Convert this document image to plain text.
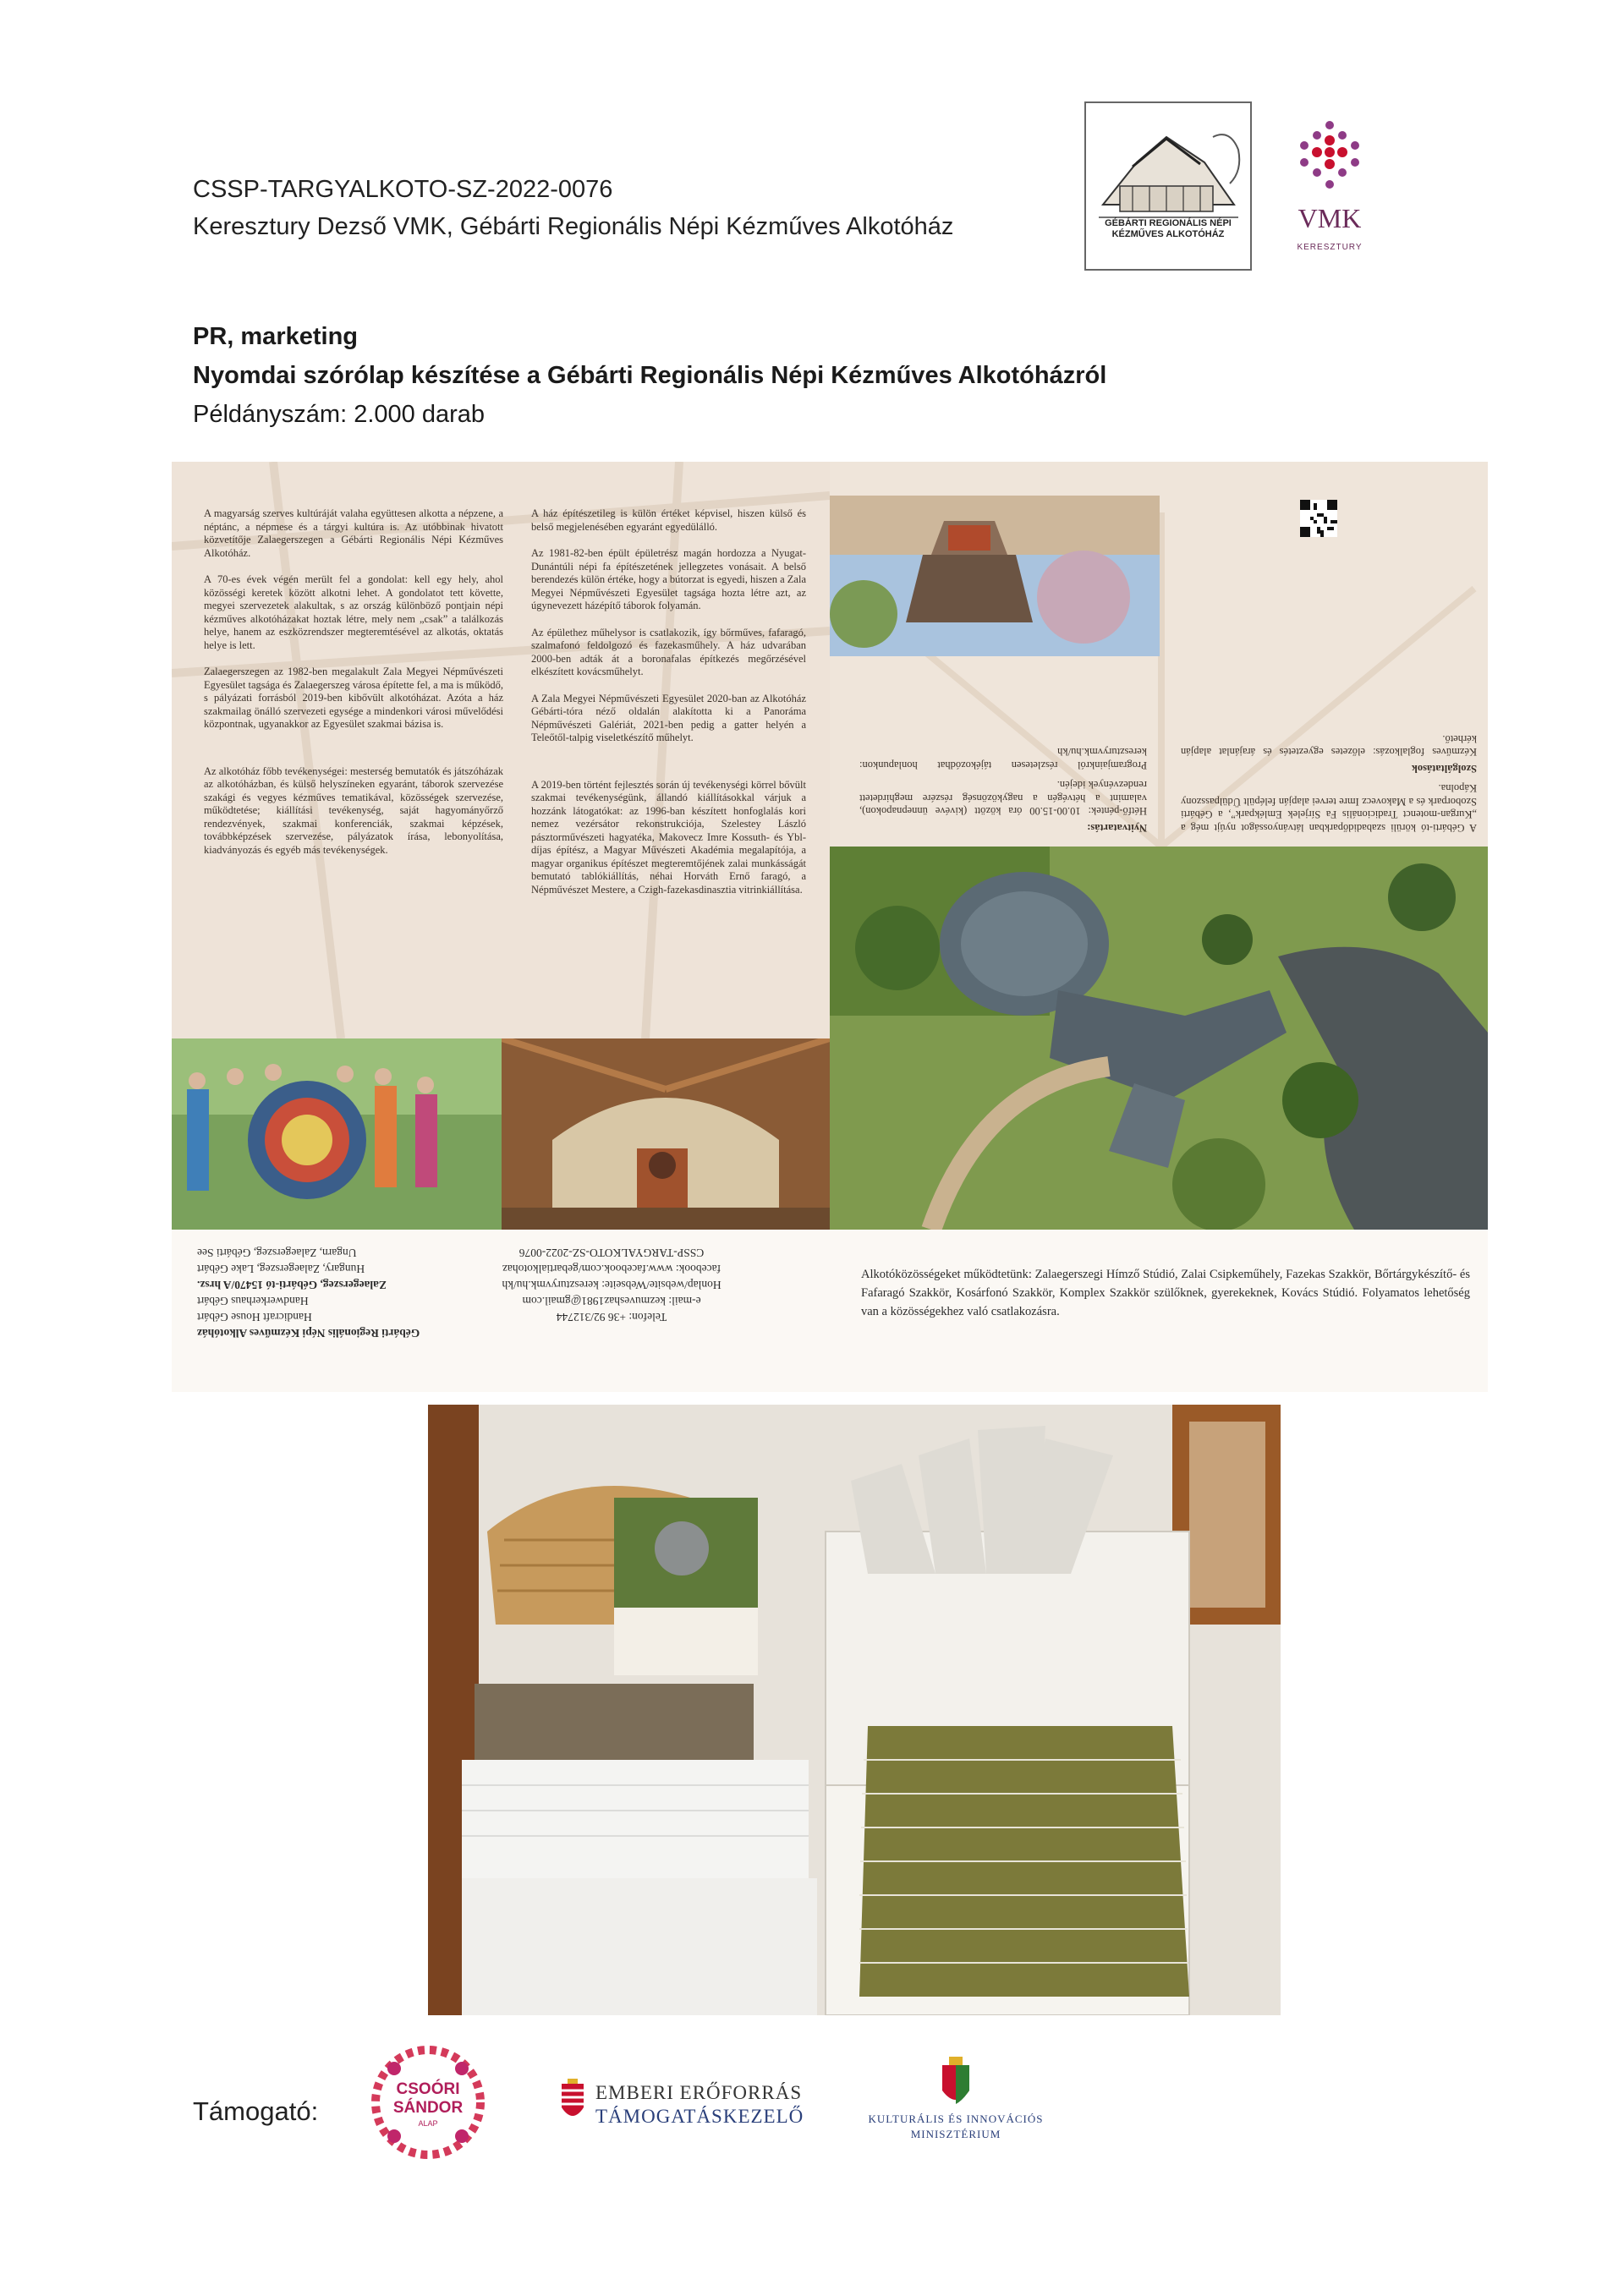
CSSP-TARGYALKOTO-SZ-2022-0076
Keresztury Dezső VMK, Gébárti Regionális Népi Kézműves Alkotóház	GÉBÁRTI REGIONÁLIS NÉPI KÉZMŰVES ALKOTÓHÁZ
VMK
KERESZTURY
PR, marketing
Nyomdai szórólap készítése a Gébárti Regionális Népi Kézműves Alkotóházról
Példányszám: 2.000 darab

A magyarság szerves kultúráját valaha együttesen alkotta a népzene, a néptánc, a népmese és a tárgyi kultúra is. Az utóbbinak hivatott közvetítője Zalaegerszegen a Gébárti Regionális Népi Kézműves Alkotóház.

A 70-es évek végén merült fel a gondolat: kell egy hely, ahol közösségi keretek között alkotni lehet. A gondolatot tett követte, megyei szervezetek alakultak, s az ország különböző pontjain népi kézműves alkotóházakat hoztak létre, mely nem „csak” a találkozás helye, hanem az eszközrendszer megteremtésével az alkotás, oktatás helye is lett.

Zalaegerszegen az 1982-ben megalakult Zala Megyei Népművészeti Egyesület tagsága és Zalaegerszeg városa építette fel, a ma is működő, s pályázati forrásból 2019-ben kibővült alkotóházat. Azóta a ház szakmailag önálló szervezeti egysége a mindenkori városi művelődési központnak, ugyanakkor az Egyesület szakmai bázisa is.

Az alkotóház főbb tevékenységei: mesterség bemutatók és játszóházak az alkotóházban, és külső helyszíneken egyaránt, táborok szervezése szakági és vegyes kézműves tematikával, közösségek szervezése, működtetése; kiállítási tevékenység, saját hagyományőrző rendezvények, szakmai konferenciák, szakmai képzések, továbbképzések szervezése, pályázatok írása, lebonyolítása, kiadványozás és egyéb más tevékenységek.

A ház építészetileg is külön értéket képvisel, hiszen külső és belső megjelenésében egyaránt egyedülálló.

Az 1981-82-ben épült épületrész magán hordozza a Nyugat-Dunántúli népi fa építészetének jellegzetes vonásait. A belső berendezés külön értéke, hogy a bútorzat is egyedi, hiszen a Zala Megyei Népművészeti Egyesület tagsága hozta létre azt, az úgynevezett házépítő táborok folyamán.

Az épülethez műhelysor is csatlakozik, így bőrműves, fafaragó, szalmafonó feldolgozó és fazekasműhely. A ház udvarában 2000-ben adták át a boronafalas építkezés megőrzésével elkészített kovácsműhelyt.

A Zala Megyei Népművészeti Egyesület 2020-ban az Alkotóház Gébárti-tóra néző oldalán alakította ki a Panoráma Népművészeti Galériát, 2021-ben pedig a gatter helyén a Teleőtől-talpig viseletkészítő műhelyt.

A 2019-ben történt fejlesztés során új tevékenységi körrel bővült szakmai tevékenységünk, állandó kiállításokkal várjuk a hozzánk látogatókat: az 1996-ban készített honfoglalás kori nemez vezérsátor rekonstrukciója, Szelestey László pásztorművészeti hagyatéka, Makovecz Imre Kossuth- és Ybl-díjas építész, a Magyar Művészeti Akadémia megalapítója, a magyar organikus építészet megteremtőjének zalai munkásságát bemutató tablókiállítás, néhai Horváth Ernő faragó, a Népművészet Mestere, a Czigh-fazekasdinasztia vitrinkiállítása.

A Gébárti-tó körüli szabadidőparkban látványosságot nyújt még a „Kurgan-motenct Tradicionális Fa Sírjelek Emlékpark”, a Gébárti Szoborpark és a Makovecz Imre tervei alapján felépült Üdülpasszony Kápolna.

Szolgáltatások

Kézműves foglalkozás: előzetes egyeztetés és árajánlat alapján kérhető.

Nyitvatartás:

Hétfő-péntek: 10.00-15.00 óra között (kivéve ünnepnapokon), valamint a hétvégén a nagyközönség részére meghirdetett rendezvények idején.

Programjainkról részletesen tájékozódhat honlapunkon: kereszturyvmk.hu/kh

Telefon: +36 92/312744
e-mail: kezmuveshaz1981@gmail.com
Honlap/website/Webseite: kereszturyvmk.hu/kh
facebook: www.facebook.com/gebartialkotohaz
CSSP-TARGYALKOTO-SZ-2022-0076
Gébárti Regionális Népi Kézműves Alkotóház
Handicraft House Gébárt
Handwerkerhaus Gébárt
Zalaegerszeg, Gébárti-tó 15470/A hrsz.
Hungary, Zalaegerszeg, Lake Gébárt
Ungarn, Zalaegerszeg, Gébárti See
Alkotóközösségeket működtetünk: Zalaegerszegi Hímző Stúdió, Zalai Csipkeműhely, Fazekas Szakkör, Bőrtárgykészítő- és Fafaragó Szakkör, Kosárfonó Szakkör, Komplex Szakkör szülőknek, gyerekeknek, Kovács Stúdió. Folyamatos lehetőség van a közösségekhez való csatlakozásra.
Támogató:
CSOÓRI
SÁNDOR
ALAP
EMBERI ERŐFORRÁS
TÁMOGATÁSKEZELŐ	KULTURÁLIS ÉS INNOVÁCIÓS
MINISZTÉRIUM
